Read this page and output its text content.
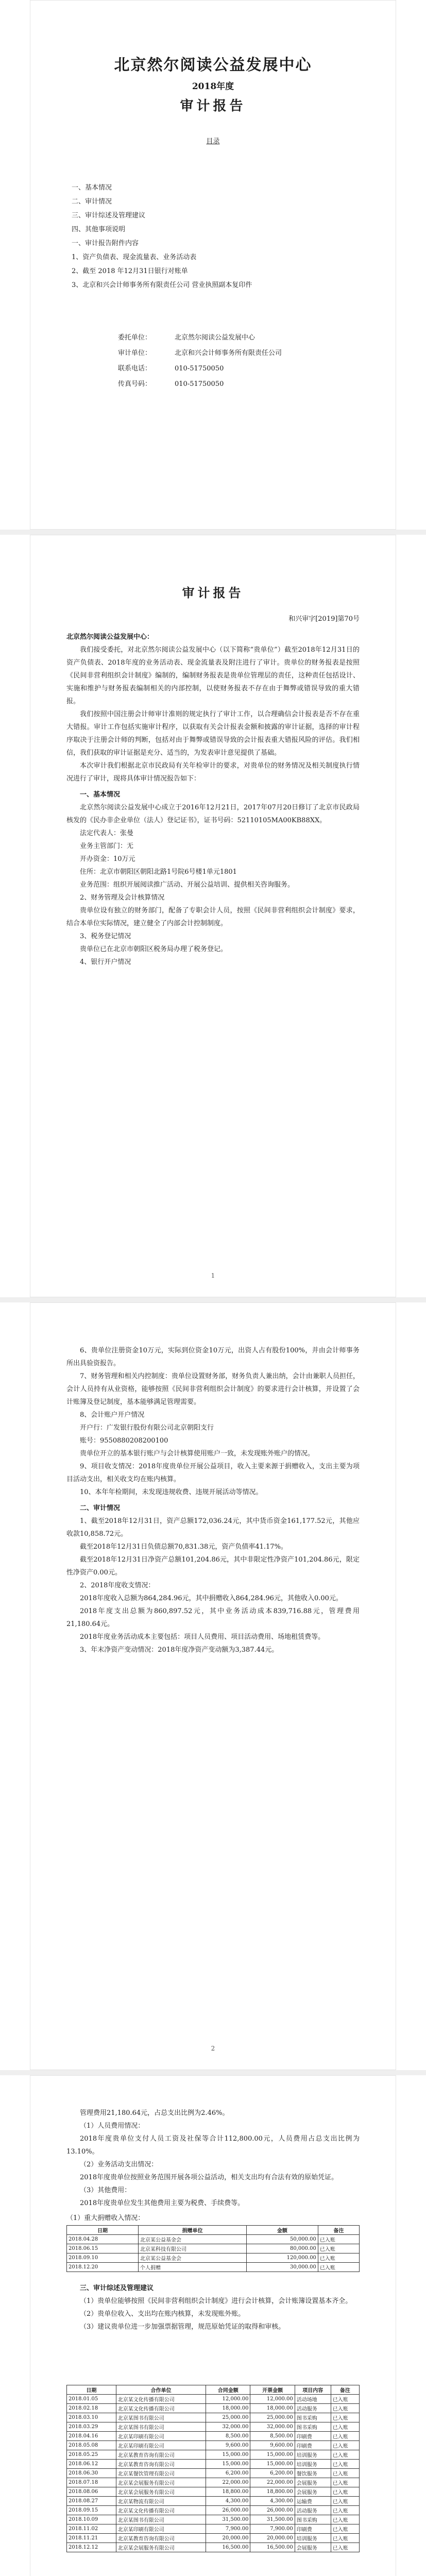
北京然尔阅读公益发展中心
2018年度
审计报告
目录
一、基本情况
二、审计情况
三、审计综述及管理建议
四、其他事项说明
一、审计报告附件内容
1、资产负债表、现金流量表、业务活动表
2、截至 2018 年12月31日银行对账单
3、北京和兴会计师事务所有限责任公司 营业执照副本复印件
委托单位：	北京然尔阅读公益发展中心
审计单位：	北京和兴会计师事务所有限责任公司
联系电话：	010-51750050
传真号码：	010-51750050
审计报告

和兴审字[2019]第70号

北京然尔阅读公益发展中心：

我们接受委托，对北京然尔阅读公益发展中心（以下简称“贵单位”）截至2018年12月31日的资产负债表、2018年度的业务活动表、现金流量表及附注进行了审计。贵单位的财务报表是按照《民间非营利组织会计制度》编制的，编制财务报表是贵单位管理层的责任，这种责任包括设计、实施和维护与财务报表编制相关的内部控制，以使财务报表不存在由于舞弊或错误导致的重大错报。

我们按照中国注册会计师审计准则的规定执行了审计工作，以合理确信会计报表是否不存在重大错报。审计工作包括实施审计程序，以获取有关会计报表金额和披露的审计证据，选择的审计程序取决于注册会计师的判断，包括对由于舞弊或错误导致的会计报表重大错报风险的评估。我们相信，我们获取的审计证据是充分、适当的，为发表审计意见提供了基础。

本次审计我们根据北京市民政局有关年检审计的要求，对贵单位的财务情况及相关制度执行情况进行了审计，现将具体审计情况报告如下：

一、基本情况

北京然尔阅读公益发展中心成立于2016年12月21日，2017年07月20日修订了北京市民政局核发的《民办非企业单位（法人）登记证书》，证书号码：52110105MA00KB88XX。

法定代表人：张曼

业务主管部门：无

开办资金：10万元

住所：北京市朝阳区朝阳北路1号院6号楼1单元1801

业务范围：组织开展阅读推广活动、开展公益培训、提供相关咨询服务。

2、财务管理及会计核算情况

贵单位设有独立的财务部门，配备了专职会计人员，按照《民间非营利组织会计制度》要求，结合本单位实际情况，建立健全了内部会计控制制度。

3、税务登记情况

贵单位已在北京市朝阳区税务局办理了税务登记。

4、银行开户情况

1

6、贵单位注册资金10万元，实际到位资金10万元，出资人占有股份100%，并由会计师事务所出具验资报告。

7、财务管理和相关内控制度：贵单位设置财务部，财务负责人兼出纳，会计由兼职人员担任，会计人员持有从业资格，能够按照《民间非营利组织会计制度》的要求进行会计核算，并设置了会计账簿及登记制度，基本能够满足管理需要。

8、会计账户开户情况

开户行：广发银行股份有限公司北京朝阳支行

账号：9550880208200100

贵单位开立的基本银行账户与会计核算使用账户一致，未发现账外账户的情况。

9、项目收支情况：2018年度贵单位开展公益项目，收入主要来源于捐赠收入，支出主要为项目活动支出，相关收支均在账内核算。

10、本年年检期间，未发现违规收费、违规开展活动等情况。

二、审计情况

1、截至2018年12月31日，资产总额172,036.24元，其中货币资金161,177.52元，其他应收款10,858.72元。

截至2018年12月31日负债总额70,831.38元，资产负债率41.17%。

截至2018年12月31日净资产总额101,204.86元，其中非限定性净资产101,204.86元，限定性净资产0.00元。

2、2018年度收支情况：

2018年度收入总额为864,284.96元，其中捐赠收入864,284.96元，其他收入0.00元。

2018年度支出总额为860,897.52元，其中业务活动成本839,716.88元，管理费用21,180.64元。

2018年度业务活动成本主要包括：项目人员费用、项目活动费用、场地租赁费等。

3、年末净资产变动情况：2018年度净资产变动额为3,387.44元。

2

管理费用21,180.64元，占总支出比例为2.46%。

（1）人员费用情况：

2018年度贵单位支付人员工资及社保等合计112,800.00元，人员费用占总支出比例为13.10%。

（2）业务活动支出情况：

2018年度贵单位按照业务范围开展各项公益活动，相关支出均有合法有效的原始凭证。

（3）其他费用：

2018年度贵单位发生其他费用主要为税费、手续费等。

（1）重大捐赠收入情况：

日期	捐赠单位	金额	备注
2018.04.28	北京某公益基金会	50,000.00	已入账
2018.06.15	北京某科技有限公司	80,000.00	已入账
2018.09.10	北京某公益基金会	120,000.00	已入账
2018.12.20	个人捐赠	30,000.00	已入账

三、审计综述及管理建议

（1）贵单位能够按照《民间非营利组织会计制度》进行会计核算，会计账簿设置基本齐全。

（2）贵单位收入、支出均在账内核算，未发现账外账。

（3）建议贵单位进一步加强票据管理，规范原始凭证的取得和审核。

日期	合作单位	合同金额	开票金额	项目内容	备注
2018.01.05	北京某文化传播有限公司	12,000.00	12,000.00	活动场地	已入账
2018.02.18	北京某文化传播有限公司	18,000.00	18,000.00	活动服务	已入账
2018.03.10	北京某图书有限公司	25,000.00	25,000.00	图书采购	已入账
2018.03.29	北京某图书有限公司	32,000.00	32,000.00	图书采购	已入账
2018.04.16	北京某印刷有限公司	8,500.00	8,500.00	印刷费	已入账
2018.05.08	北京某印刷有限公司	9,600.00	9,600.00	印刷费	已入账
2018.05.25	北京某教育咨询有限公司	15,000.00	15,000.00	培训服务	已入账
2018.06.12	北京某教育咨询有限公司	15,000.00	15,000.00	培训服务	已入账
2018.06.30	北京某餐饮管理有限公司	6,200.00	6,200.00	餐饮服务	已入账
2018.07.18	北京某会展服务有限公司	22,000.00	22,000.00	会展服务	已入账
2018.08.06	北京某会展服务有限公司	18,800.00	18,800.00	会展服务	已入账
2018.08.27	北京某物流有限公司	4,300.00	4,300.00	运输费	已入账
2018.09.15	北京某文化传播有限公司	26,000.00	26,000.00	活动服务	已入账
2018.10.09	北京某图书有限公司	31,500.00	31,500.00	图书采购	已入账
2018.11.02	北京某印刷有限公司	7,900.00	7,900.00	印刷费	已入账
2018.11.21	北京某教育咨询有限公司	20,000.00	20,000.00	培训服务	已入账
2018.12.12	北京某会展服务有限公司	16,500.00	16,500.00	会展服务	已入账
